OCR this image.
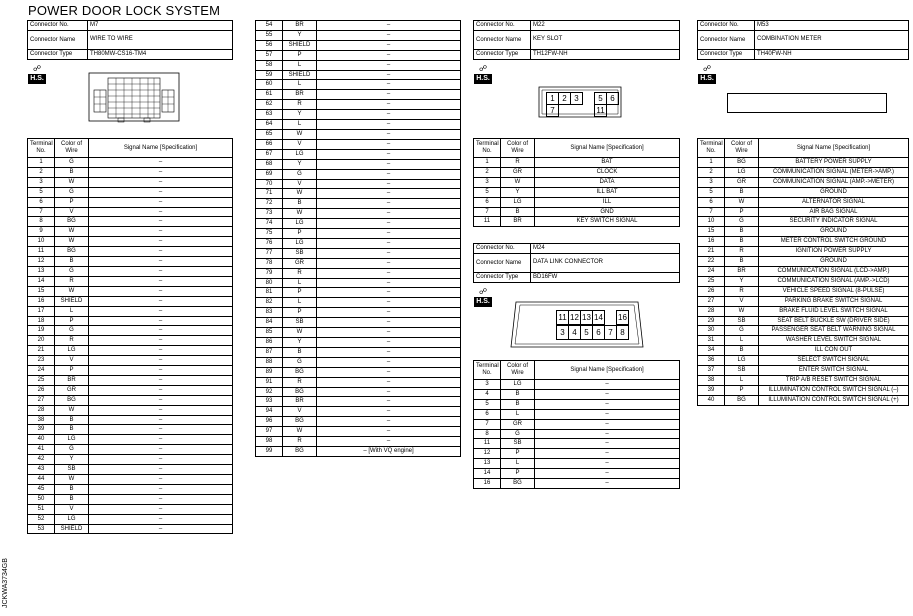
POWER DOOR LOCK SYSTEM
JCKWA3734GB
Connector No.	M7
Connector Name	WIRE TO WIRE
Connector Type	TH80MW-CS16-TM4
☍
H.S.
Terminal No.	Color of Wire	Signal Name [Specification]
1	G	–
2	B	–
3	W	–
5	G	–
6	P	–
7	V	–
8	BG	–
9	W	–
10	W	–
11	BG	–
12	B	–
13	G	–
14	R	–
15	W	–
16	SHIELD	–
17	L	–
18	P	–
19	G	–
20	R	–
21	LG	–
23	V	–
24	P	–
25	BR	–
26	GR	–
27	BG	–
28	W	–
38	B	–
39	B	–
40	LG	–
41	G	–
42	Y	–
43	SB	–
44	W	–
45	B	–
50	B	–
51	V	–
52	LG	–
53	SHIELD	–
54	BR	–
55	Y	–
56	SHIELD	–
57	P	–
58	L	–
59	SHIELD	–
60	L	–
61	BR	–
62	R	–
63	Y	–
64	L	–
65	W	–
66	V	–
67	LG	–
68	Y	–
69	G	–
70	V	–
71	W	–
72	B	–
73	W	–
74	LG	–
75	P	–
76	LG	–
77	SB	–
78	GR	–
79	R	–
80	L	–
81	P	–
82	L	–
83	P	–
84	SB	–
85	W	–
86	Y	–
87	B	–
88	G	–
89	BG	–
91	R	–
92	BG	–
93	BR	–
94	V	–
96	BG	–
97	W	–
98	R	–
99	BG	– [With VQ engine]
Connector No.	M22
Connector Name	KEY SLOT
Connector Type	TH12FW-NH
☍
H.S.
1 2 3	5 6
7	11
Terminal No.	Color of Wire	Signal Name [Specification]
1	R	BAT
2	GR	CLOCK
3	W	DATA
5	Y	ILL BAT
6	LG	ILL
7	B	GND
11	BR	KEY SWITCH SIGNAL
Connector No.	M24
Connector Name	DATA LINK CONNECTOR
Connector Type	BD16FW
☍
H.S.
11 12 13 14 16
3 4 5 6 7 8
Terminal No.	Color of Wire	Signal Name [Specification]
3	LG	–
4	B	–
5	B	–
6	L	–
7	GR	–
8	G	–
11	SB	–
12	P	–
13	L	–
14	P	–
16	BG	–
Connector No.	M53
Connector Name	COMBINATION METER
Connector Type	TH40FW-NH
☍
H.S.
Terminal No.	Color of Wire	Signal Name [Specification]
1	BG	BATTERY POWER SUPPLY
2	LG	COMMUNICATION SIGNAL (METER->AMP.)
3	GR	COMMUNICATION SIGNAL (AMP.->METER)
5	B	GROUND
6	W	ALTERNATOR SIGNAL
7	P	AIR BAG SIGNAL
10	G	SECURITY INDICATOR SIGNAL
15	B	GROUND
16	B	METER CONTROL SWITCH GROUND
21	R	IGNITION POWER SUPPLY
22	B	GROUND
24	BR	COMMUNICATION SIGNAL (LCD->AMP.)
25	Y	COMMUNICATION SIGNAL (AMP.->LCD)
26	R	VEHICLE SPEED SIGNAL (8-PULSE)
27	V	PARKING BRAKE SWITCH SIGNAL
28	W	BRAKE FLUID LEVEL SWITCH SIGNAL
29	SB	SEAT BELT BUCKLE SW (DRIVER SIDE)
30	G	PASSENGER SEAT BELT WARNING SIGNAL
31	L	WASHER LEVEL SWITCH SIGNAL
34	B	ILL CON OUT
36	LG	SELECT SWITCH SIGNAL
37	SB	ENTER SWITCH SIGNAL
38	L	TRIP A/B RESET SWITCH SIGNAL
39	P	ILLUMINATION CONTROL SWITCH SIGNAL (–)
40	BG	ILLUMINATION CONTROL SWITCH SIGNAL (+)
